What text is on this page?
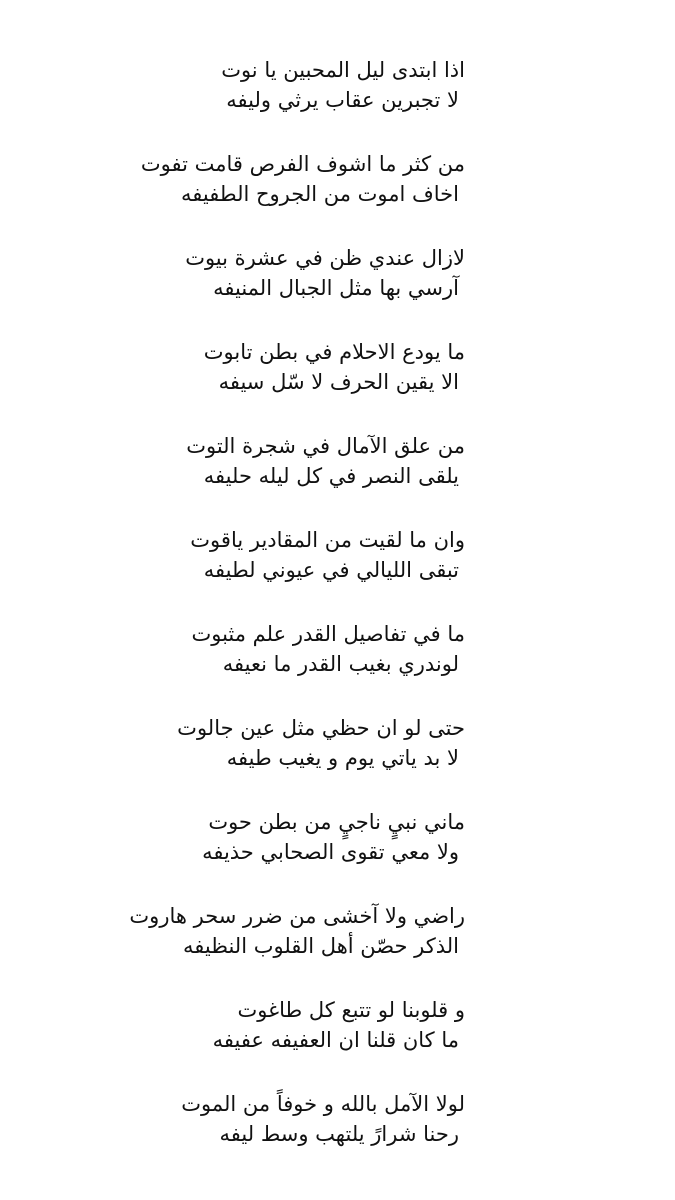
اذا ابتدى ليل المحبين يا نوت
لا تجبرين عقاب يرثي وليفه
من كثر ما اشوف الفرص قامت تفوت
اخاف اموت من الجروح الطفيفه
لازال عندي ظن في عشرة بيوت
آرسي بها مثل الجبال المنيفه
ما يودع الاحلام في بطن تابوت
الا يقين الحرف لا سّل سيفه
من علق الآمال في شجرة التوت
يلقى النصر في كل ليله حليفه
وان ما لقيت من المقادير ياقوت
تبقى الليالي في عيوني لطيفه
ما في تفاصيل القدر علم مثبوت
لوندري بغيب القدر ما نعيفه
حتى لو ان حظي مثل عين جالوت
لا بد ياتي يوم و يغيب طيفه
ماني نبيٍ ناجيٍ من بطن حوت
ولا معي تقوى الصحابي حذيفه
راضي ولا آخشى من ضرر سحر هاروت
الذكر حصّن أهل القلوب النظيفه
و قلوبنا لو تتبع كل طاغوت
ما كان قلنا ان العفيفه عفيفه
لولا الآمل بالله و خوفاً من الموت
رحنا شرارً يلتهب وسط ليفه
